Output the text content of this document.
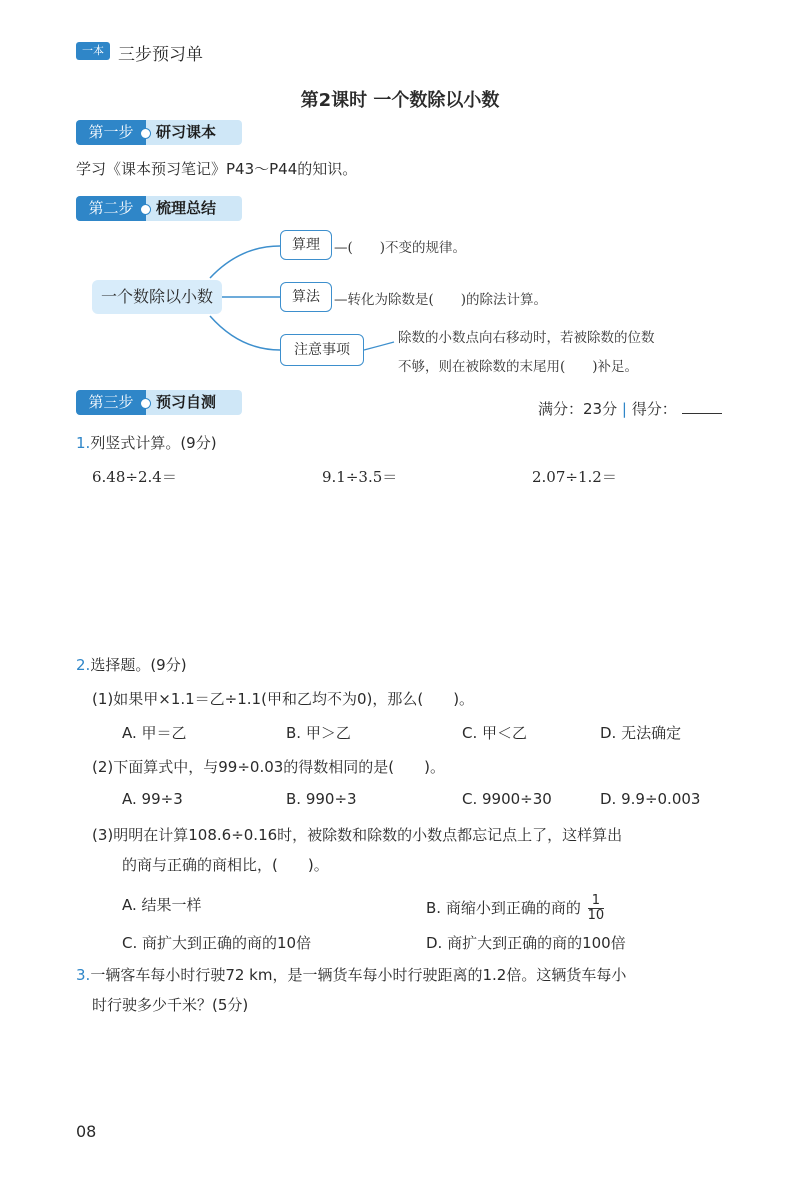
一本 三步预习单
第2课时 一个数除以小数
第一步	研习课本
学习《课本预习笔记》P43～P44的知识。
第二步	梳理总结
一个数除以小数
算理	—(　　)不变的规律。
算法	—转化为除数是(　　)的除法计算。
注意事项
除数的小数点向右移动时，若被除数的位数
不够，则在被除数的末尾用(　　)补足。
第三步	预习自测	满分：23分 | 得分：
1.列竖式计算。(9分)
6.48÷2.4＝	9.1÷3.5＝	2.07÷1.2＝
2.选择题。(9分)
(1)如果甲×1.1＝乙÷1.1(甲和乙均不为0)，那么(　　)。
A. 甲＝乙	B. 甲＞乙	C. 甲＜乙	D. 无法确定
(2)下面算式中，与99÷0.03的得数相同的是(　　)。
A. 99÷3	B. 990÷3	C. 9900÷30	D. 9.9÷0.003
(3)明明在计算108.6÷0.16时，被除数和除数的小数点都忘记点上了，这样算出
的商与正确的商相比，(　　)。
A. 结果一样	B. 商缩小到正确的商的 $\frac{1}{10}$
C. 商扩大到正确的商的10倍	D. 商扩大到正确的商的100倍
3.一辆客车每小时行驶72 km，是一辆货车每小时行驶距离的1.2倍。这辆货车每小
时行驶多少千米？(5分)
08
